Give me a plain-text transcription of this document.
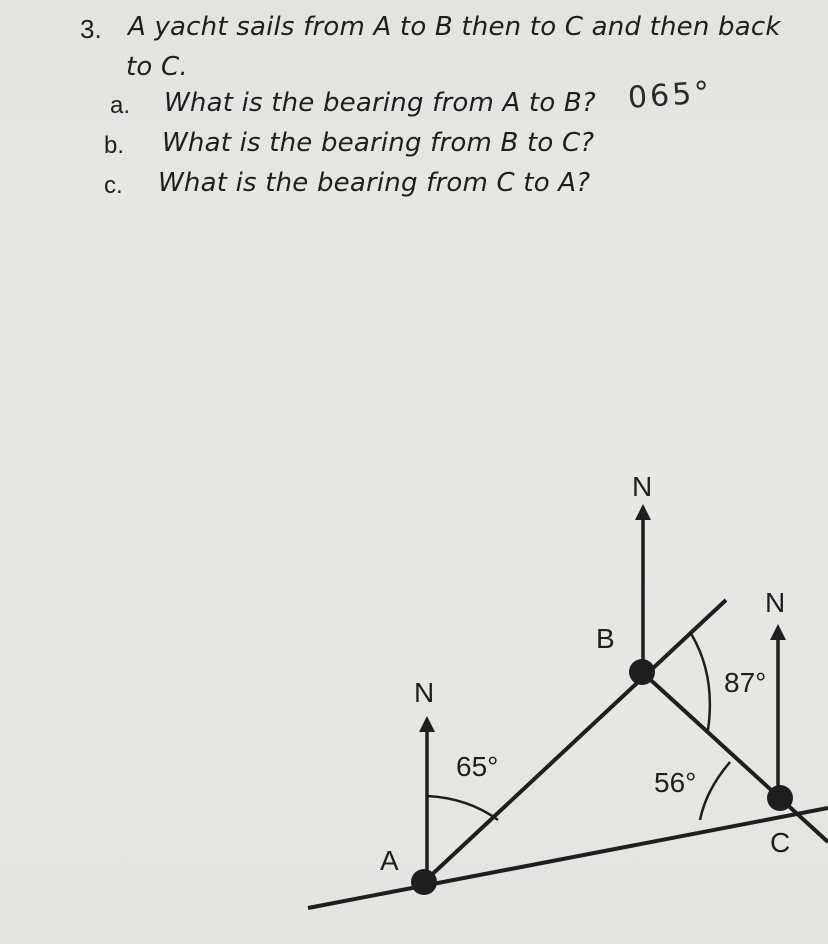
3. A yacht sails from A to B then to C and then back
to C.
a. What is the bearing from A to B? 065°
b. What is the bearing from B to C?
c. What is the bearing from C to A?
N
N
N
A
B
C
65°
87°
56°
